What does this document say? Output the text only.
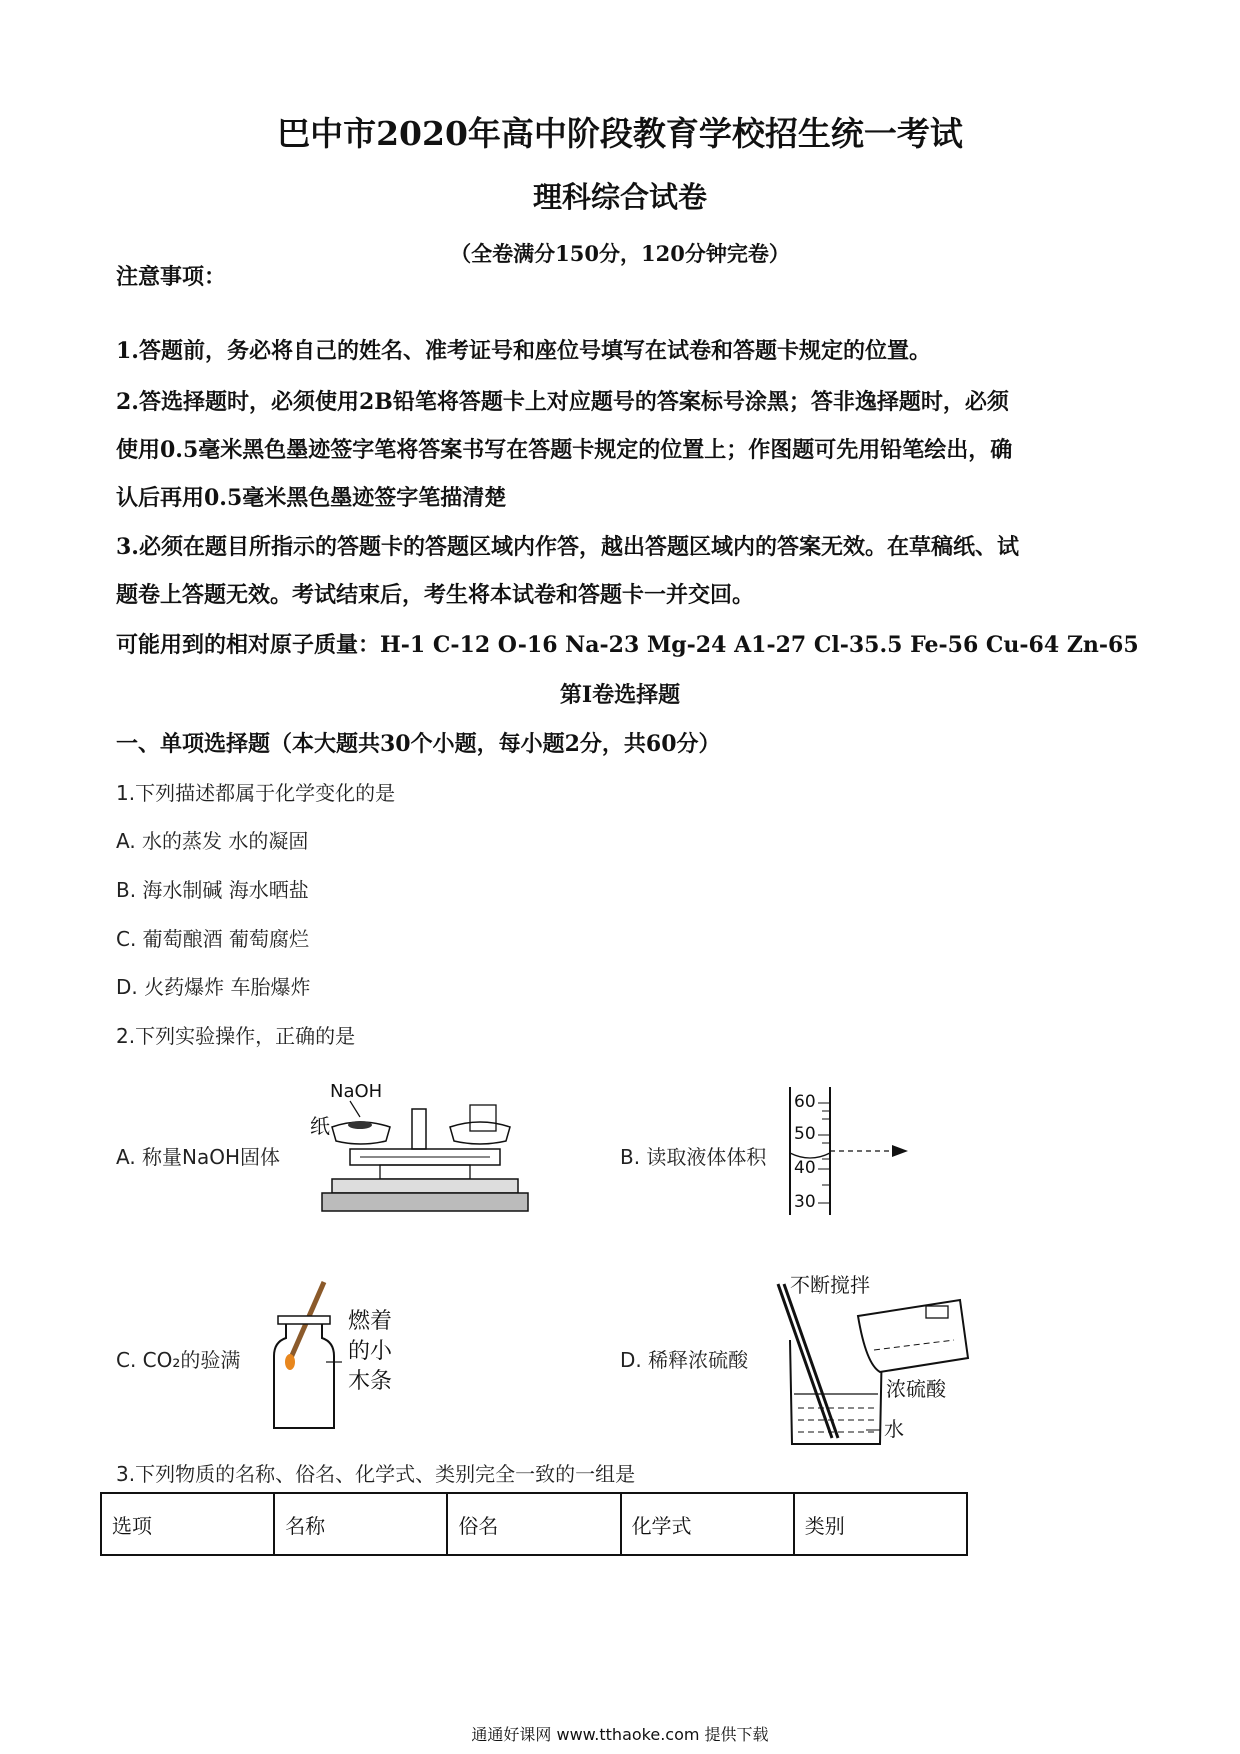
巴中市2020年高中阶段教育学校招生统一考试
理科综合试卷
（全卷满分150分，120分钟完卷）
注意事项：
1.答题前，务必将自己的姓名、准考证号和座位号填写在试卷和答题卡规定的位置。
2.答选择题时，必须使用2B铅笔将答题卡上对应题号的答案标号涂黑；答非逸择题时，必须
使用0.5毫米黑色墨迹签字笔将答案书写在答题卡规定的位置上；作图题可先用铅笔绘出，确
认后再用0.5毫米黑色墨迹签字笔描清楚
3.必须在题目所指示的答题卡的答题区域内作答，越出答题区域内的答案无效。在草稿纸、试
题卷上答题无效。考试结束后，考生将本试卷和答题卡一并交回。
可能用到的相对原子质量：H-1 C-12 O-16 Na-23 Mg-24 A1-27 Cl-35.5 Fe-56 Cu-64 Zn-65
第Ⅰ卷选择题
一、单项选择题（本大题共30个小题，每小题2分，共60分）
1.下列描述都属于化学变化的是
A. 水的蒸发 水的凝固
B. 海水制碱 海水晒盐
C. 葡萄酿酒 葡萄腐烂
D. 火药爆炸 车胎爆炸
2.下列实验操作，正确的是
A. 称量NaOH固体
NaOH
纸
B. 读取液体体积
60
50
40
30
C. CO₂的验满
燃着
的小
木条
D. 稀释浓硫酸
不断搅拌
浓硫酸
水
3.下列物质的名称、俗名、化学式、类别完全一致的一组是
选项	名称	俗名	化学式	类别
通通好课网 www.tthaoke.com 提供下载
